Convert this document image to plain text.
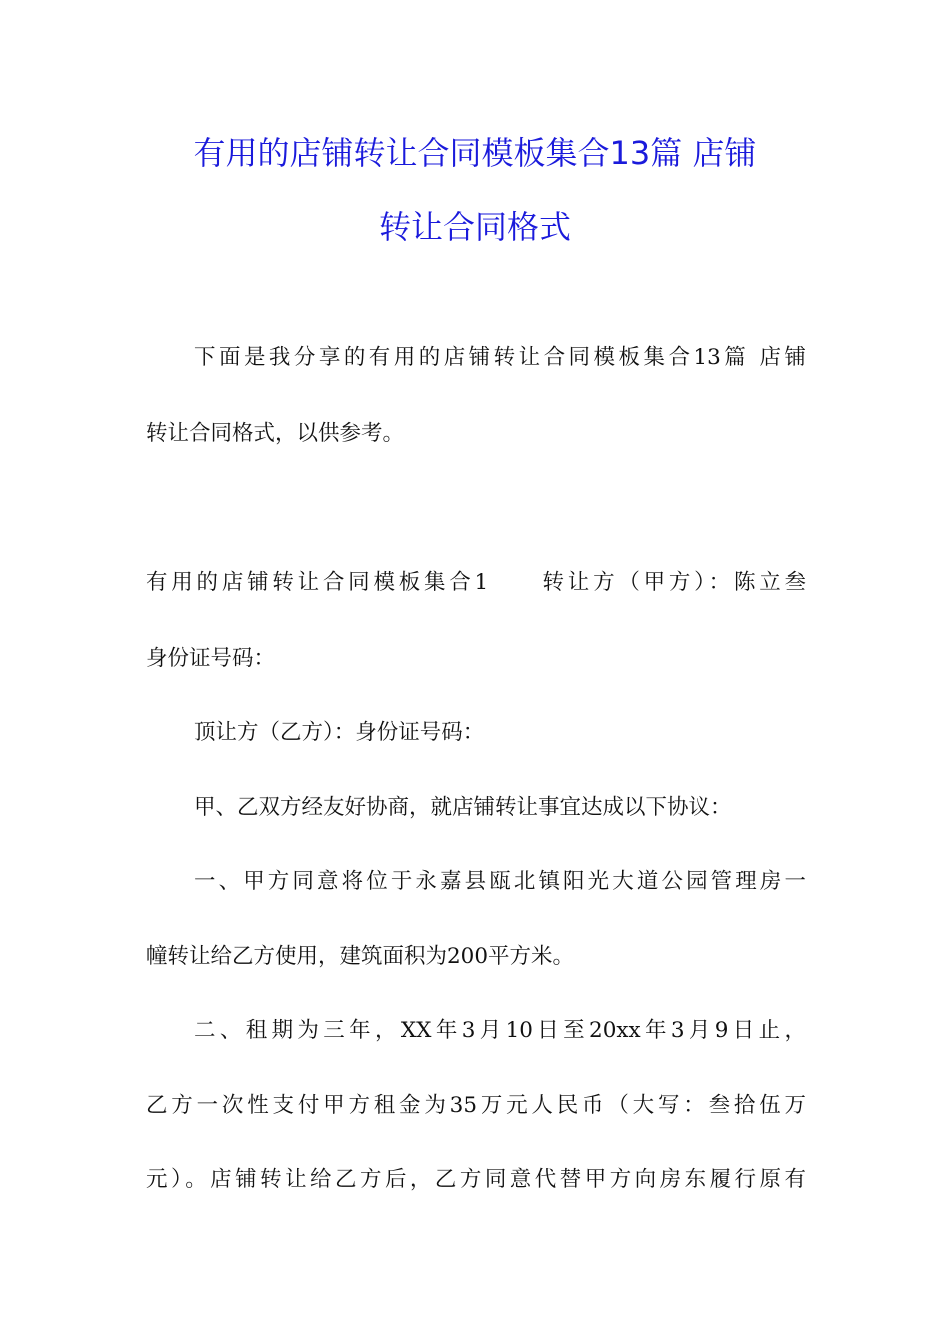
有用的店铺转让合同模板集合13篇 店铺
转让合同格式
下面是我分享的有用的店铺转让合同模板集合13篇 店铺
转让合同格式，以供参考。
有用的店铺转让合同模板集合1　　转让方（甲方）：陈立叁
身份证号码：
顶让方（乙方）：身份证号码：
甲、乙双方经友好协商，就店铺转让事宜达成以下协议：
一、甲方同意将位于永嘉县瓯北镇阳光大道公园管理房一
幢转让给乙方使用，建筑面积为200平方米。
二、租期为三年，XX年3月10日至20xx年3月9日止，
乙方一次性支付甲方租金为35万元人民币（大写：叁拾伍万
元）。店铺转让给乙方后，乙方同意代替甲方向房东履行原有
